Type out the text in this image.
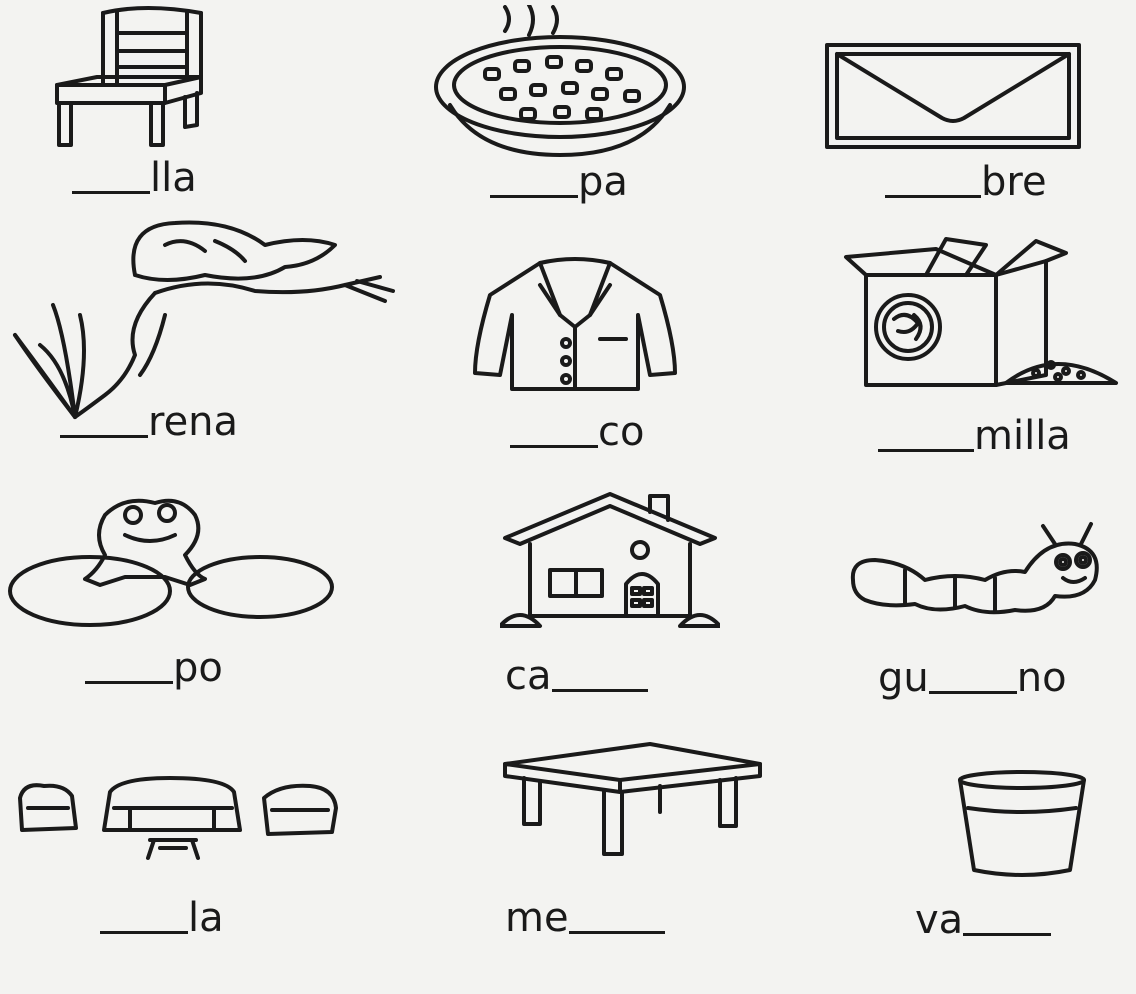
lla	pa	bre
rena	co	milla
po	ca	gu no
la	me	va
